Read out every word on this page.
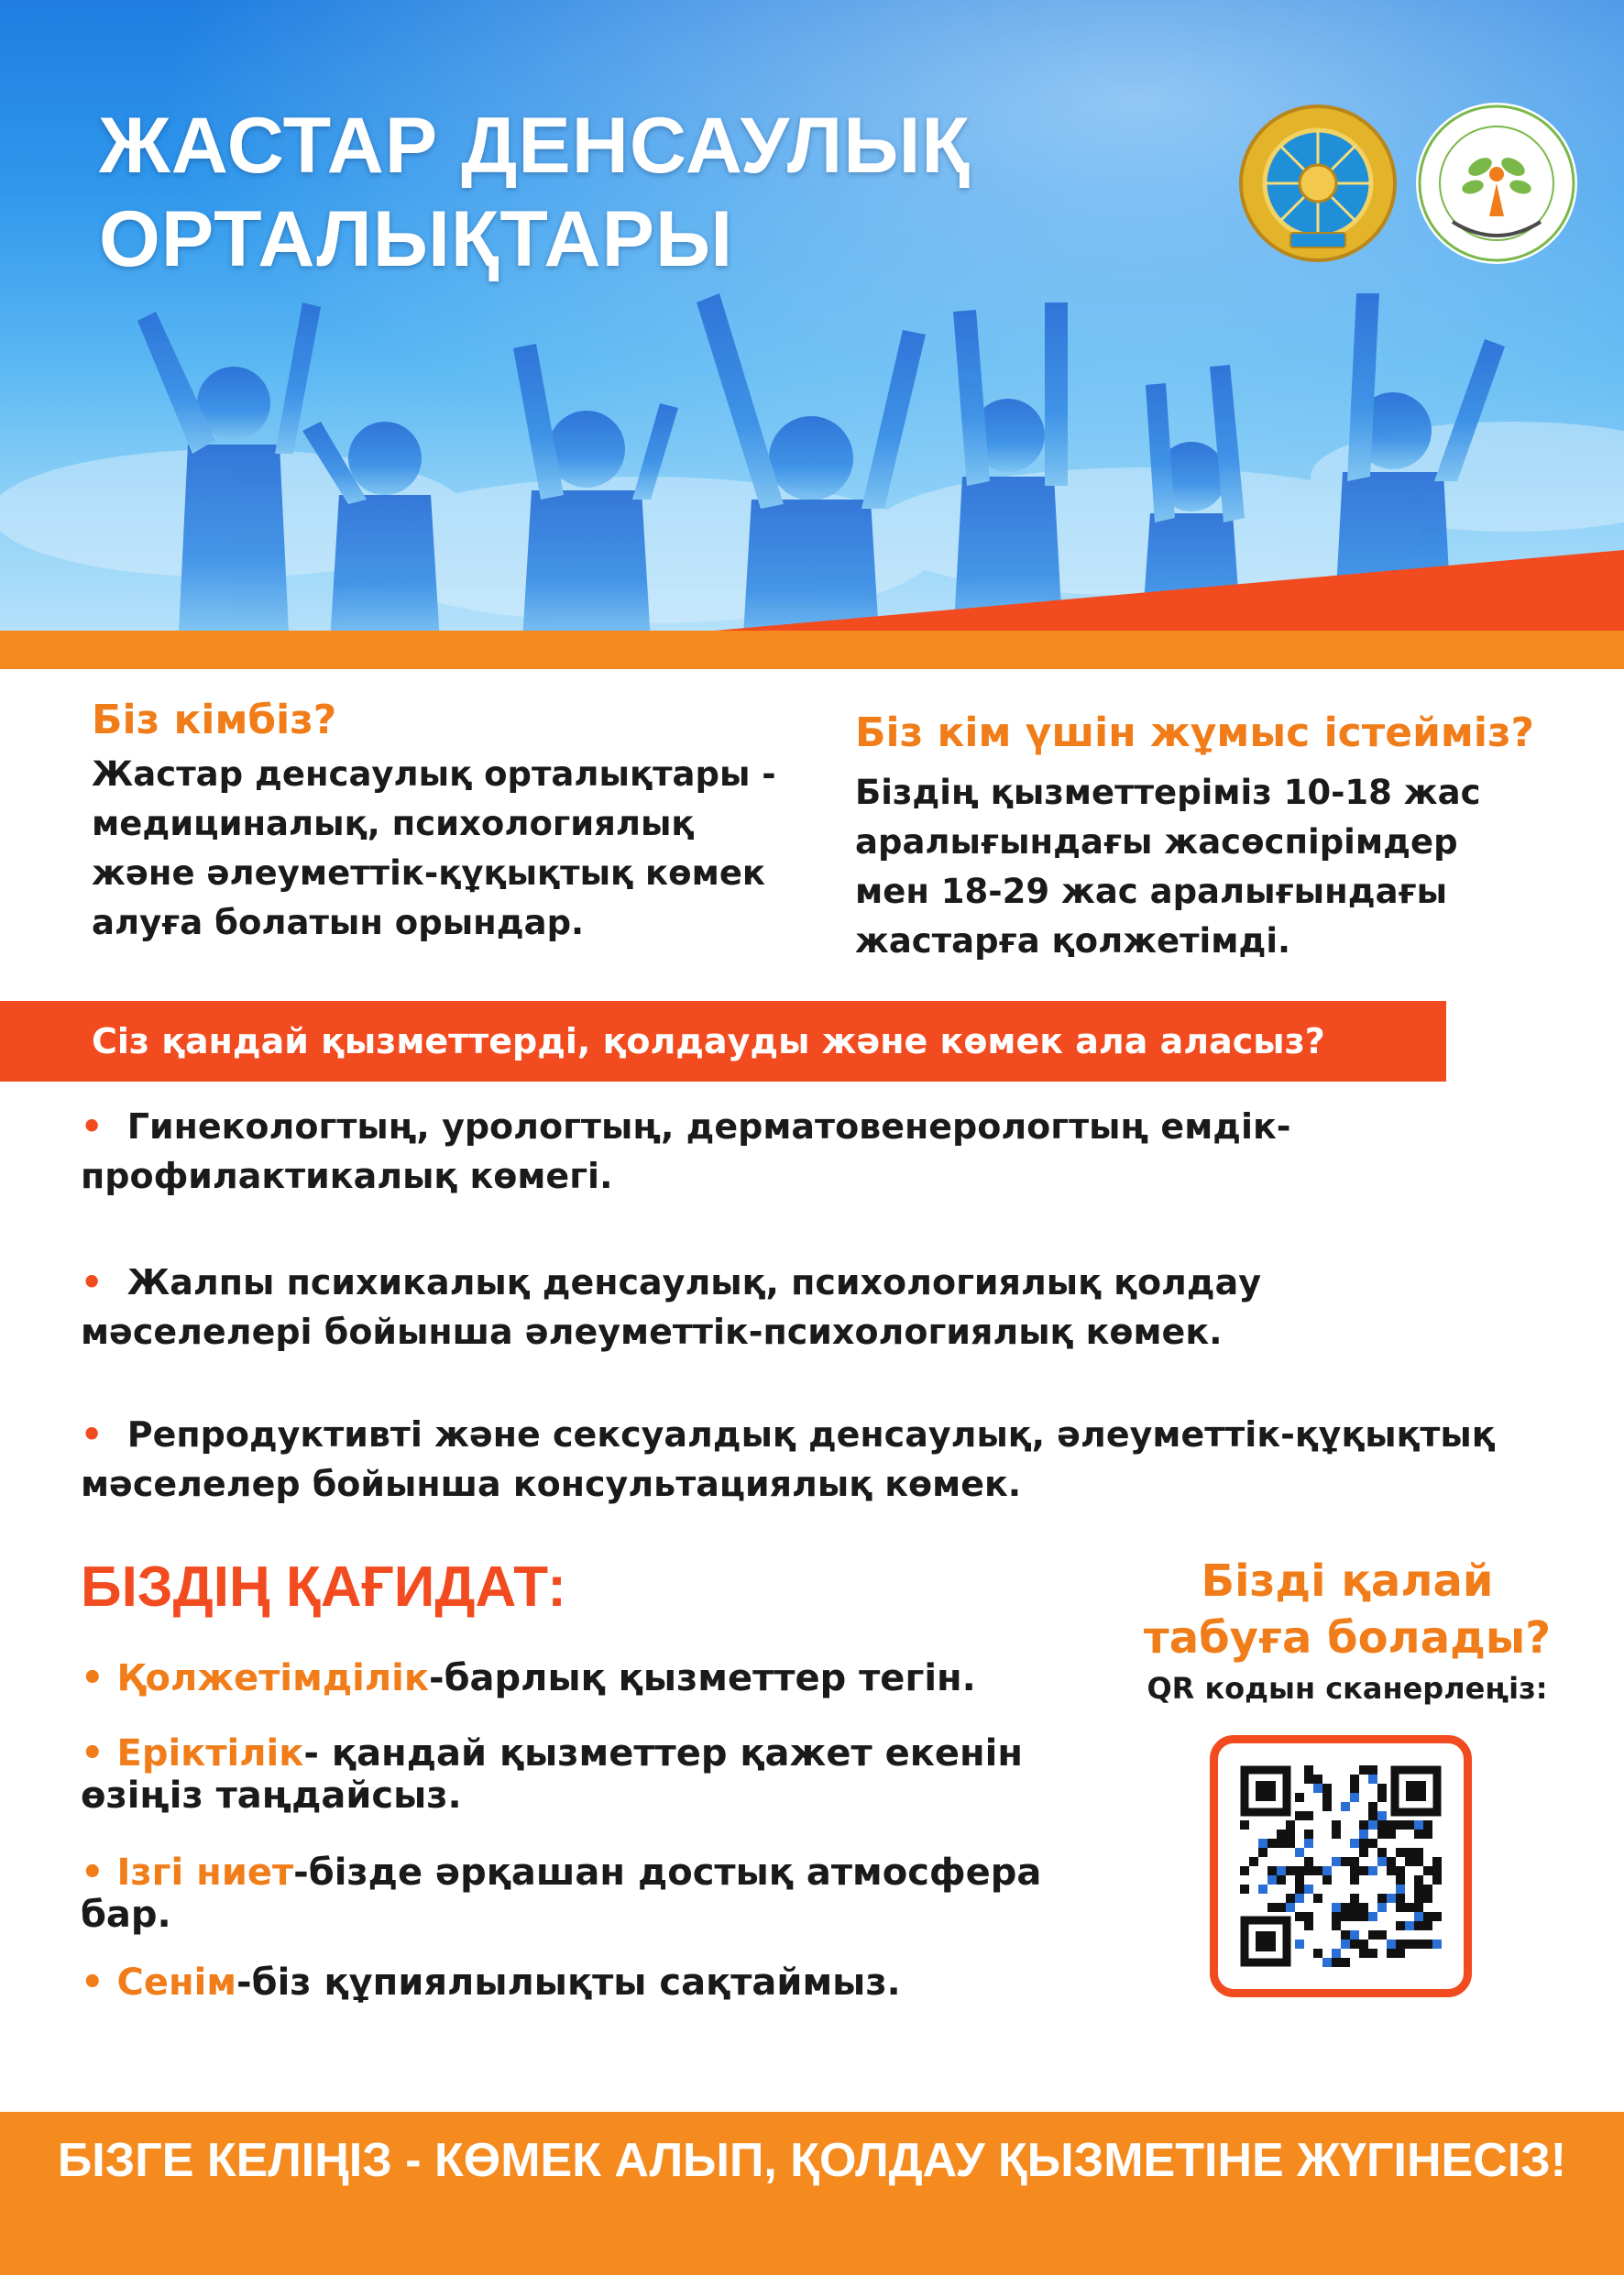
ЖАСТАР ДЕНСАУЛЫҚ
ОРТАЛЫҚТАРЫ
Біз кімбіз?
Жастар денсаулық орталықтары - медициналық, психологиялық және әлеуметтік-құқықтық көмек алуға болатын орындар.
Біз кім үшін жұмыс істейміз?
Біздің қызметтеріміз 10-18 жас аралығындағы жасөспірімдер мен 18-29 жас аралығындағы жастарға қолжетімді.
Сіз қандай қызметтерді, қолдауды және көмек ала аласыз?
• Гинекологтың, урологтың, дерматовенерологтың емдік-профилактикалық көмегі.
• Жалпы психикалық денсаулық, психологиялық қолдау мәселелері бойынша әлеуметтік-психологиялық көмек.
• Репродуктивті және сексуалдық денсаулық, әлеуметтік-құқықтық мәселелер бойынша консультациялық көмек.
БІЗДІҢ ҚАҒИДАТ:
• Қолжетімділік-барлық қызметтер тегін.
• Еріктілік- қандай қызметтер қажет екенін өзіңіз таңдайсыз.
• Ізгі ниет-бізде әрқашан достық атмосфера бар.
• Сенім-біз құпиялылықты сақтаймыз.
Бізді қалай табуға болады?
QR кодын сканерлеңіз:
БІЗГЕ КЕЛІҢІЗ - КӨМЕК АЛЫП, ҚОЛДАУ ҚЫЗМЕТІНЕ ЖҮГІНЕСІЗ!
